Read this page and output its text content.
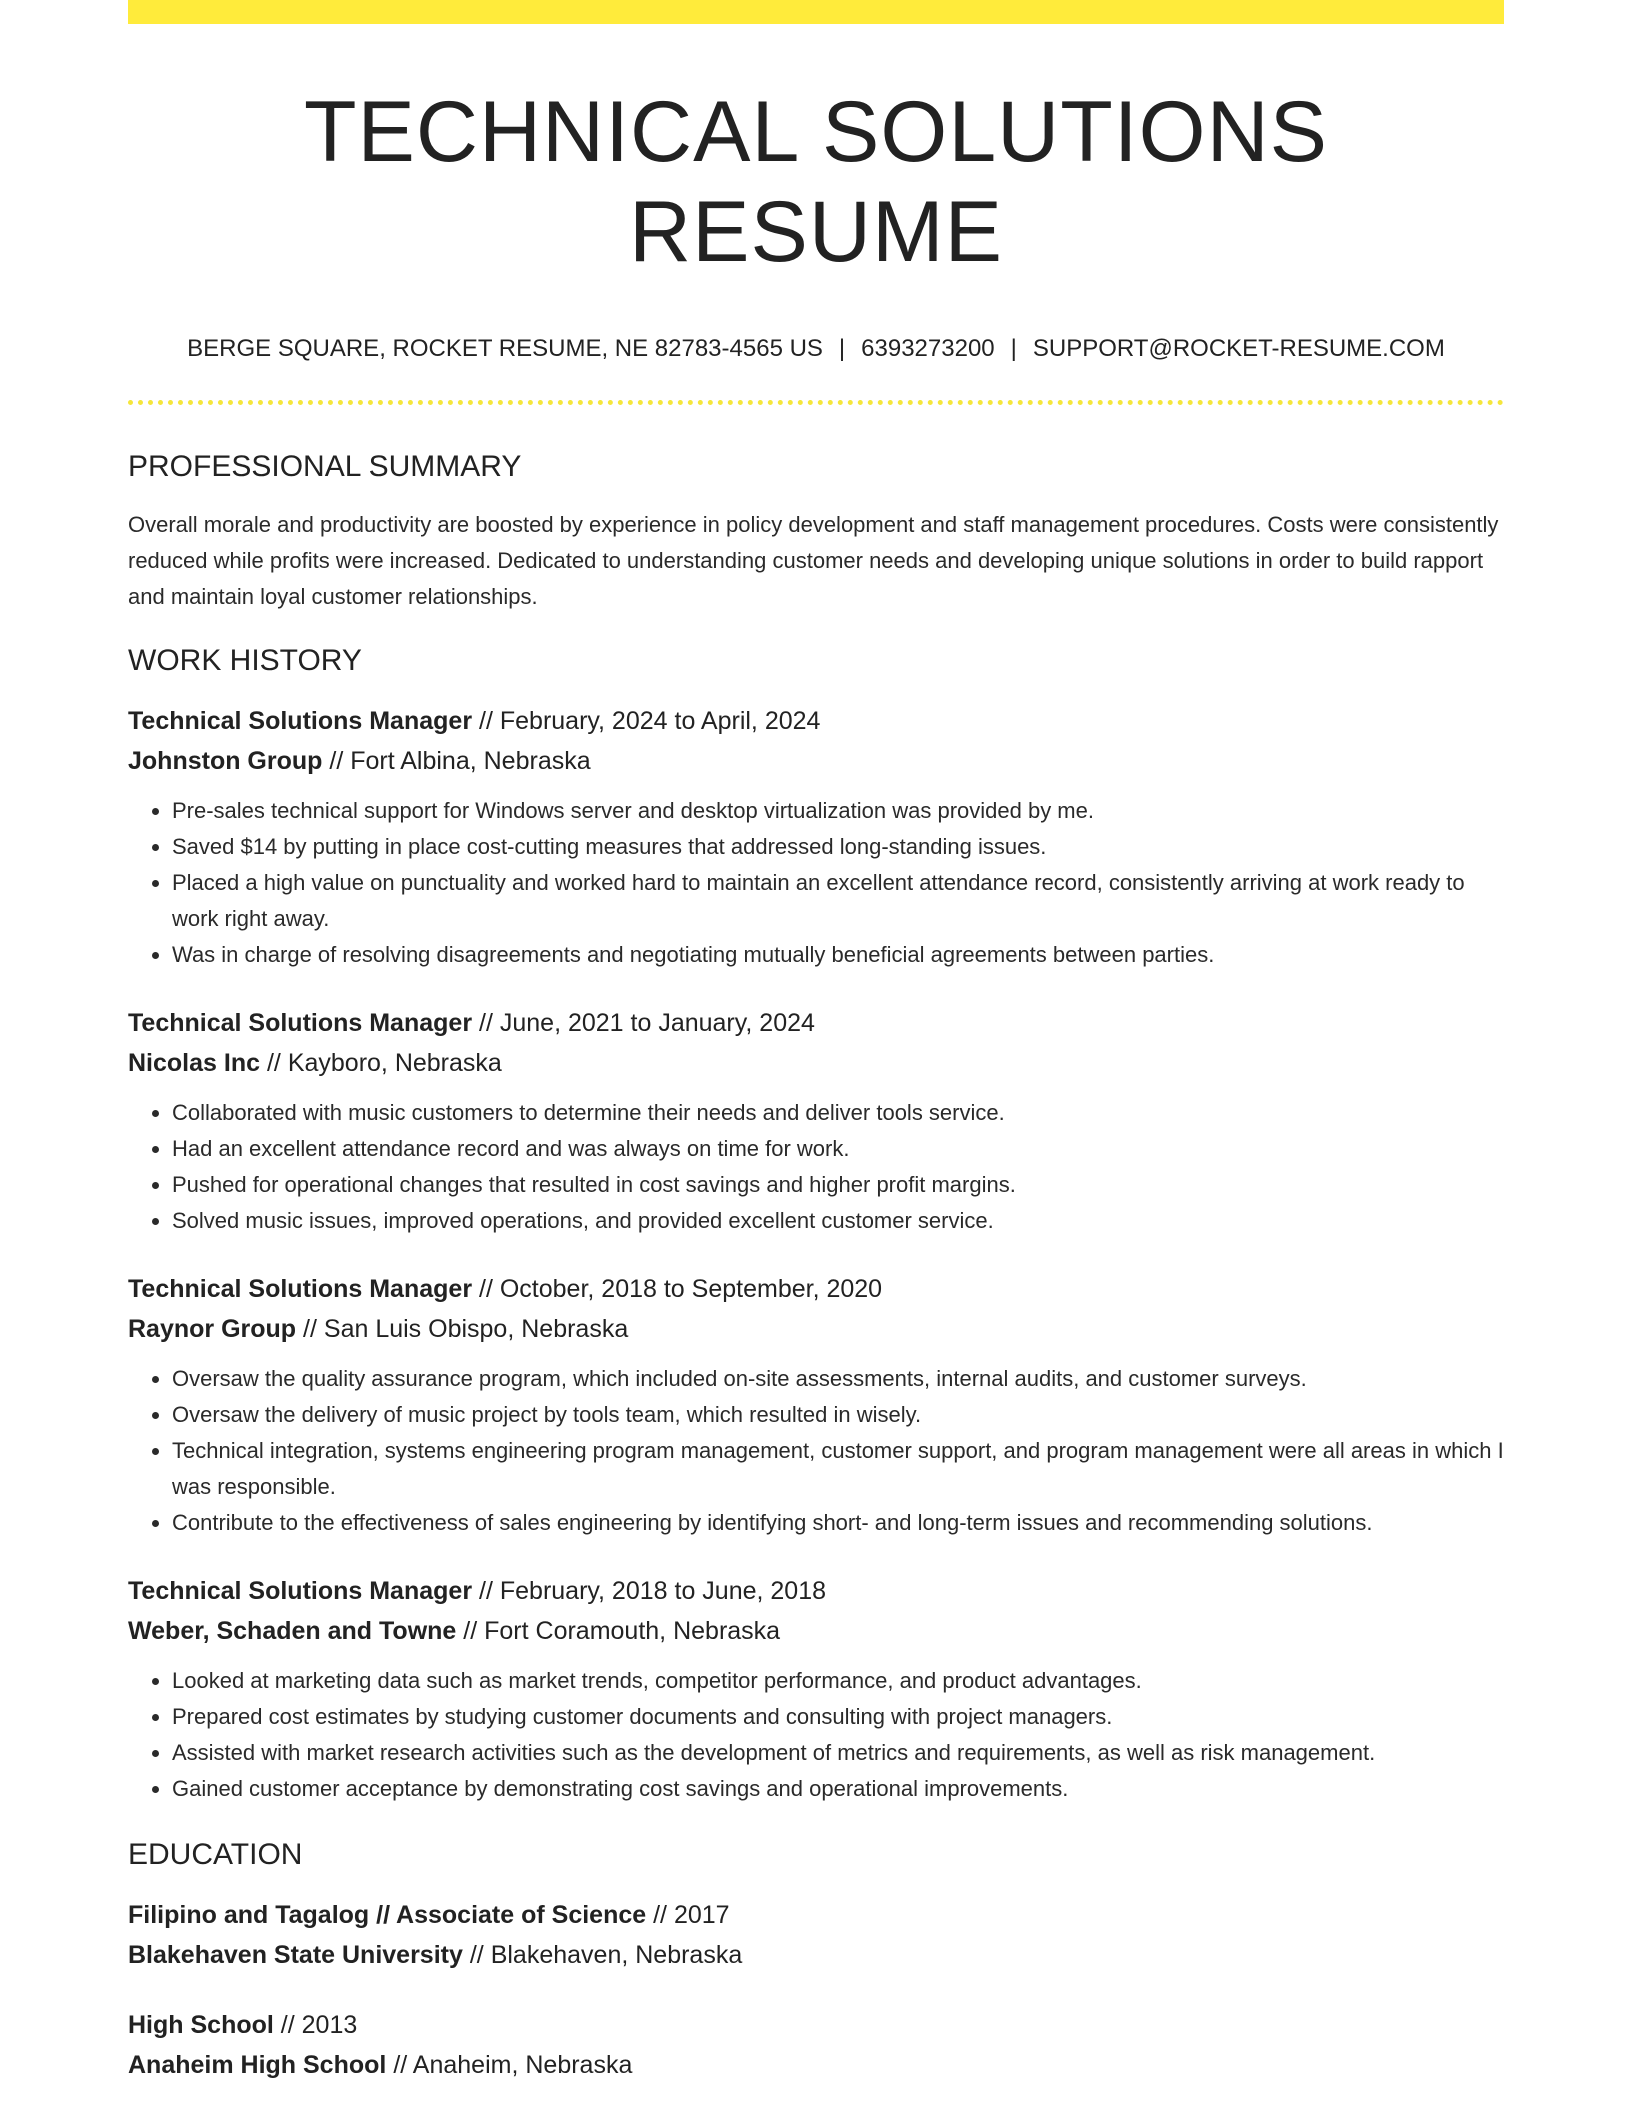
TECHNICAL SOLUTIONS RESUME
BERGE SQUARE, ROCKET RESUME, NE 82783-4565 US | 6393273200 | SUPPORT@ROCKET-RESUME.COM
PROFESSIONAL SUMMARY
Overall morale and productivity are boosted by experience in policy development and staff management procedures. Costs were consistently reduced while profits were increased. Dedicated to understanding customer needs and developing unique solutions in order to build rapport and maintain loyal customer relationships.
WORK HISTORY
Technical Solutions Manager // February, 2024 to April, 2024
Johnston Group // Fort Albina, Nebraska
• Pre-sales technical support for Windows server and desktop virtualization was provided by me.
• Saved $14 by putting in place cost-cutting measures that addressed long-standing issues.
• Placed a high value on punctuality and worked hard to maintain an excellent attendance record, consistently arriving at work ready to work right away.
• Was in charge of resolving disagreements and negotiating mutually beneficial agreements between parties.
Technical Solutions Manager // June, 2021 to January, 2024
Nicolas Inc // Kayboro, Nebraska
• Collaborated with music customers to determine their needs and deliver tools service.
• Had an excellent attendance record and was always on time for work.
• Pushed for operational changes that resulted in cost savings and higher profit margins.
• Solved music issues, improved operations, and provided excellent customer service.
Technical Solutions Manager // October, 2018 to September, 2020
Raynor Group // San Luis Obispo, Nebraska
• Oversaw the quality assurance program, which included on-site assessments, internal audits, and customer surveys.
• Oversaw the delivery of music project by tools team, which resulted in wisely.
• Technical integration, systems engineering program management, customer support, and program management were all areas in which I was responsible.
• Contribute to the effectiveness of sales engineering by identifying short- and long-term issues and recommending solutions.
Technical Solutions Manager // February, 2018 to June, 2018
Weber, Schaden and Towne // Fort Coramouth, Nebraska
• Looked at marketing data such as market trends, competitor performance, and product advantages.
• Prepared cost estimates by studying customer documents and consulting with project managers.
• Assisted with market research activities such as the development of metrics and requirements, as well as risk management.
• Gained customer acceptance by demonstrating cost savings and operational improvements.
EDUCATION
Filipino and Tagalog // Associate of Science // 2017
Blakehaven State University // Blakehaven, Nebraska
High School // 2013
Anaheim High School // Anaheim, Nebraska
